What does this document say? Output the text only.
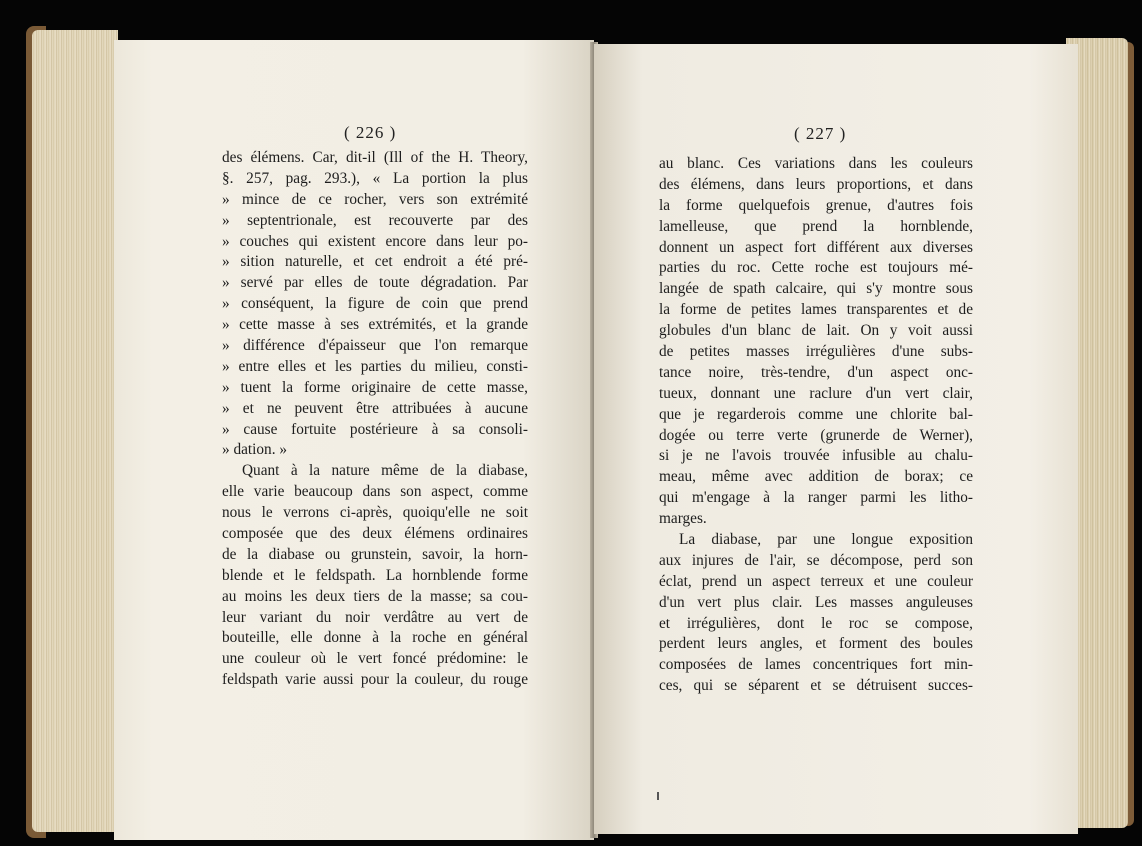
( 226 )
des élémens. Car, dit-il (Ill of the H. Theory,
§. 257, pag. 293.), « La portion la plus
» mince de ce rocher, vers son extrémité
» septentrionale, est recouverte par des
» couches qui existent encore dans leur po-
» sition naturelle, et cet endroit a été pré-
» servé par elles de toute dégradation. Par
» conséquent, la figure de coin que prend
» cette masse à ses extrémités, et la grande
» différence d'épaisseur que l'on remarque
» entre elles et les parties du milieu, consti-
» tuent la forme originaire de cette masse,
» et ne peuvent être attribuées à aucune
» cause fortuite postérieure à sa consoli-
» dation. »
Quant à la nature même de la diabase,
elle varie beaucoup dans son aspect, comme
nous le verrons ci-après, quoiqu'elle ne soit
composée que des deux élémens ordinaires
de la diabase ou grunstein, savoir, la horn-
blende et le feldspath. La hornblende forme
au moins les deux tiers de la masse; sa cou-
leur variant du noir verdâtre au vert de
bouteille, elle donne à la roche en général
une couleur où le vert foncé prédomine: le
feldspath varie aussi pour la couleur, du rouge
( 227 )
au blanc. Ces variations dans les couleurs
des élémens, dans leurs proportions, et dans
la forme quelquefois grenue, d'autres fois
lamelleuse, que prend la hornblende,
donnent un aspect fort différent aux diverses
parties du roc. Cette roche est toujours mé-
langée de spath calcaire, qui s'y montre sous
la forme de petites lames transparentes et de
globules d'un blanc de lait. On y voit aussi
de petites masses irrégulières d'une subs-
tance noire, très-tendre, d'un aspect onc-
tueux, donnant une raclure d'un vert clair,
que je regarderois comme une chlorite bal-
dogée ou terre verte (grunerde de Werner),
si je ne l'avois trouvée infusible au chalu-
meau, même avec addition de borax; ce
qui m'engage à la ranger parmi les litho-
marges.
La diabase, par une longue exposition
aux injures de l'air, se décompose, perd son
éclat, prend un aspect terreux et une couleur
d'un vert plus clair. Les masses anguleuses
et irrégulières, dont le roc se compose,
perdent leurs angles, et forment des boules
composées de lames concentriques fort min-
ces, qui se séparent et se détruisent succes-
